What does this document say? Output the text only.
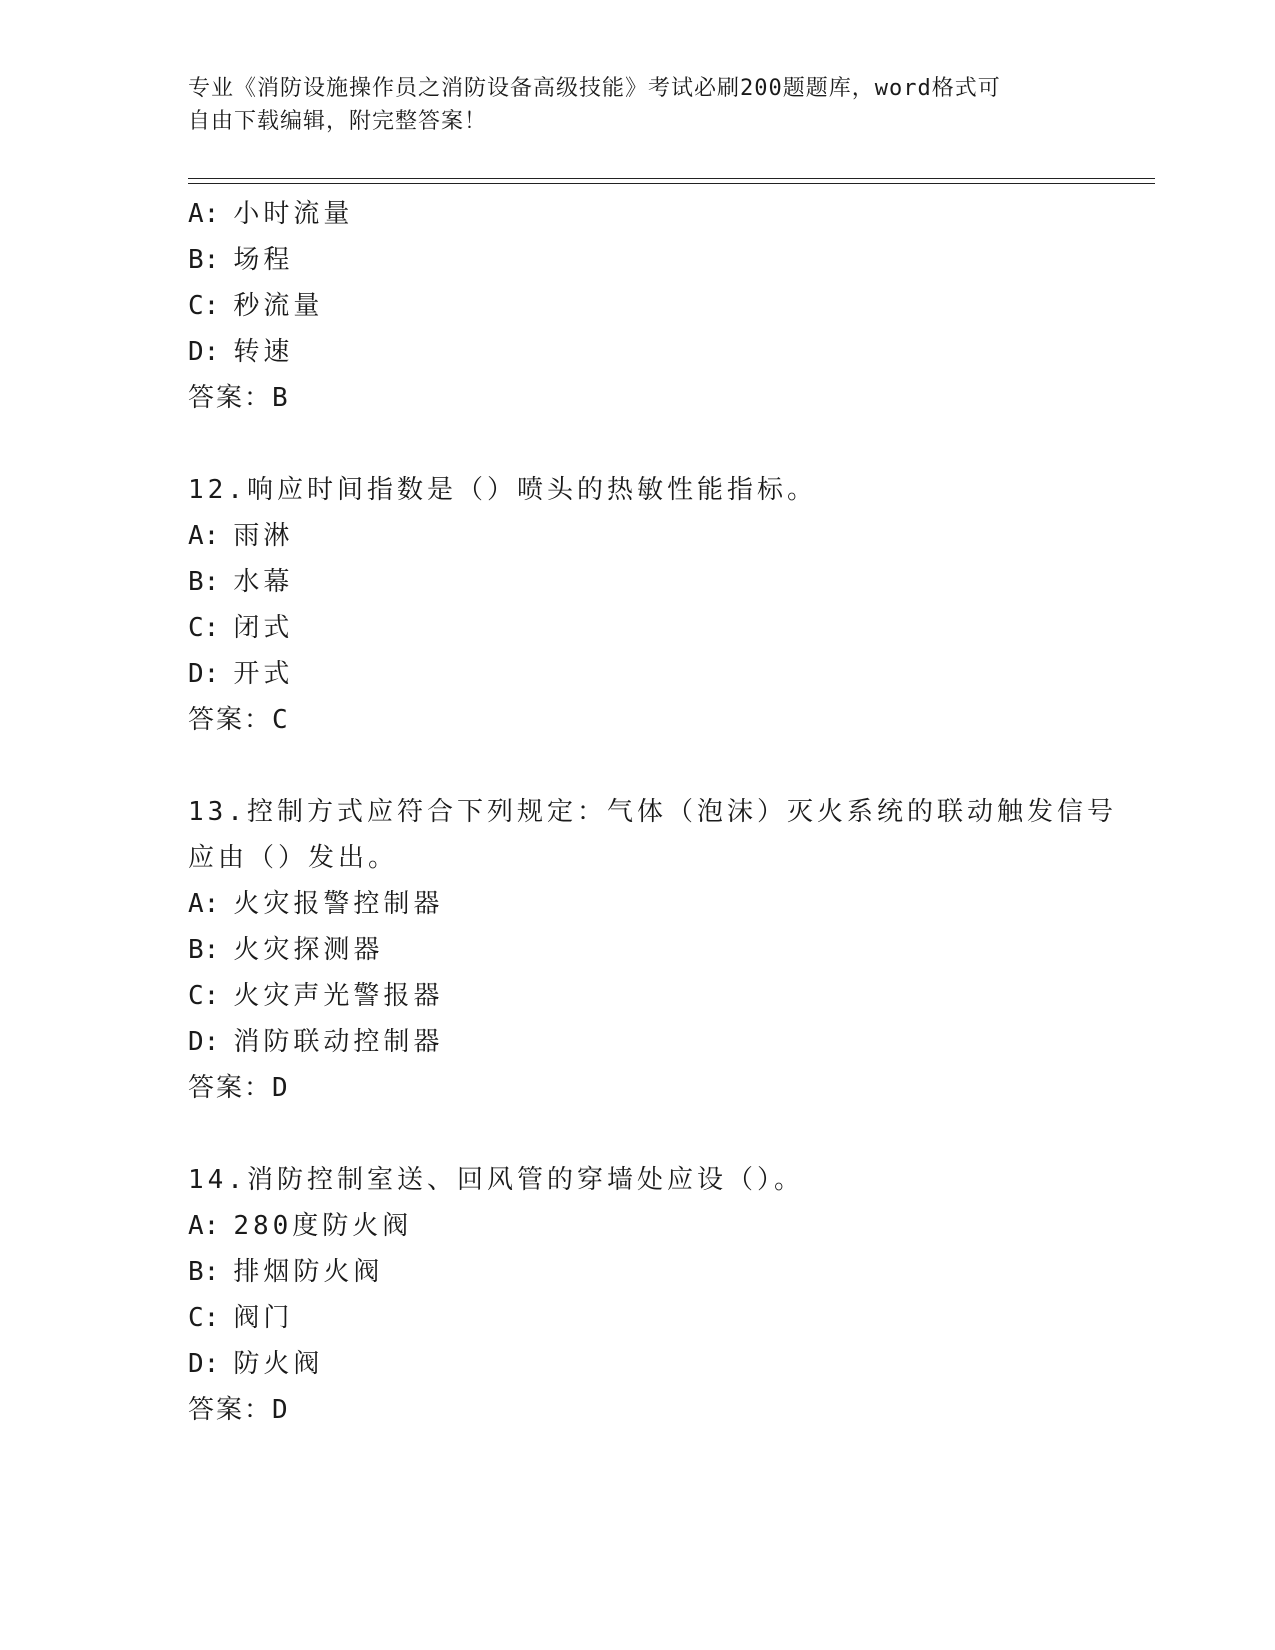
专业《消防设施操作员之消防设备高级技能》考试必刷200题题库，word格式可
自由下载编辑，附完整答案！
A: 小时流量
B: 场程
C: 秒流量
D: 转速
答案：B
12.响应时间指数是（）喷头的热敏性能指标。
A: 雨淋
B: 水幕
C: 闭式
D: 开式
答案：C
13.控制方式应符合下列规定：气体（泡沫）灭火系统的联动触发信号
应由（）发出。
A: 火灾报警控制器
B: 火灾探测器
C: 火灾声光警报器
D: 消防联动控制器
答案：D
14.消防控制室送、回风管的穿墙处应设（）。
A: 280度防火阀
B: 排烟防火阀
C: 阀门
D: 防火阀
答案：D
